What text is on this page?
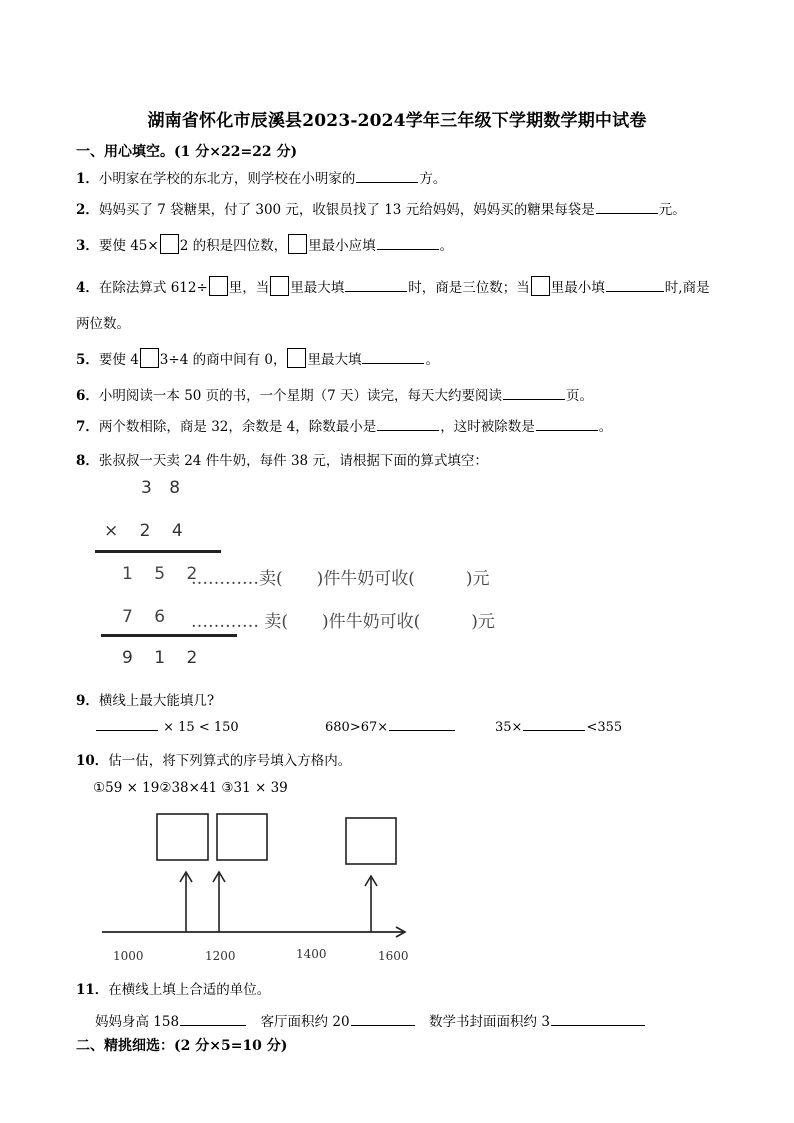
湖南省怀化市辰溪县2023-2024学年三年级下学期数学期中试卷
一、用心填空。(1 分×22=22 分)
1．小明家在学校的东北方，则学校在小明家的	方。
2．妈妈买了 7 袋糖果，付了 300 元，收银员找了 13 元给妈妈，妈妈买的糖果每袋是	元。
3．要使 45× 2 的积是四位数， 里最小应填	。
4．在除法算式 612÷ 里，当 里最大填	时，商是三位数；当 里最小填	时,商是
两位数。
5．要使 4 3÷4 的商中间有 0， 里最大填	。
6．小明阅读一本 50 页的书，一个星期（7 天）读完，每天大约要阅读	页。
7．两个数相除，商是 32，余数是 4，除数最小是	，这时被除数是	。
8．张叔叔一天卖 24 件牛奶，每件 38 元，请根据下面的算式填空：
3 8
× 2 4
1 5 2
…………卖(　　)件牛奶可收(　　　)元
7 6 ………… 卖(　　)件牛奶可收(　　　)元
9 1 2
9．横线上最大能填几?
× 15 < 150	680>67×	35×	<355
10．估一估，将下列算式的序号填入方格内。
①59 × 19②38×41 ③31 × 39
1000	1200	1400	1600
11．在横线上填上合适的单位。
妈妈身高 158　	客厅面积约 20　	数学书封面面积约 3
二、精挑细选：(2 分×5=10 分)
